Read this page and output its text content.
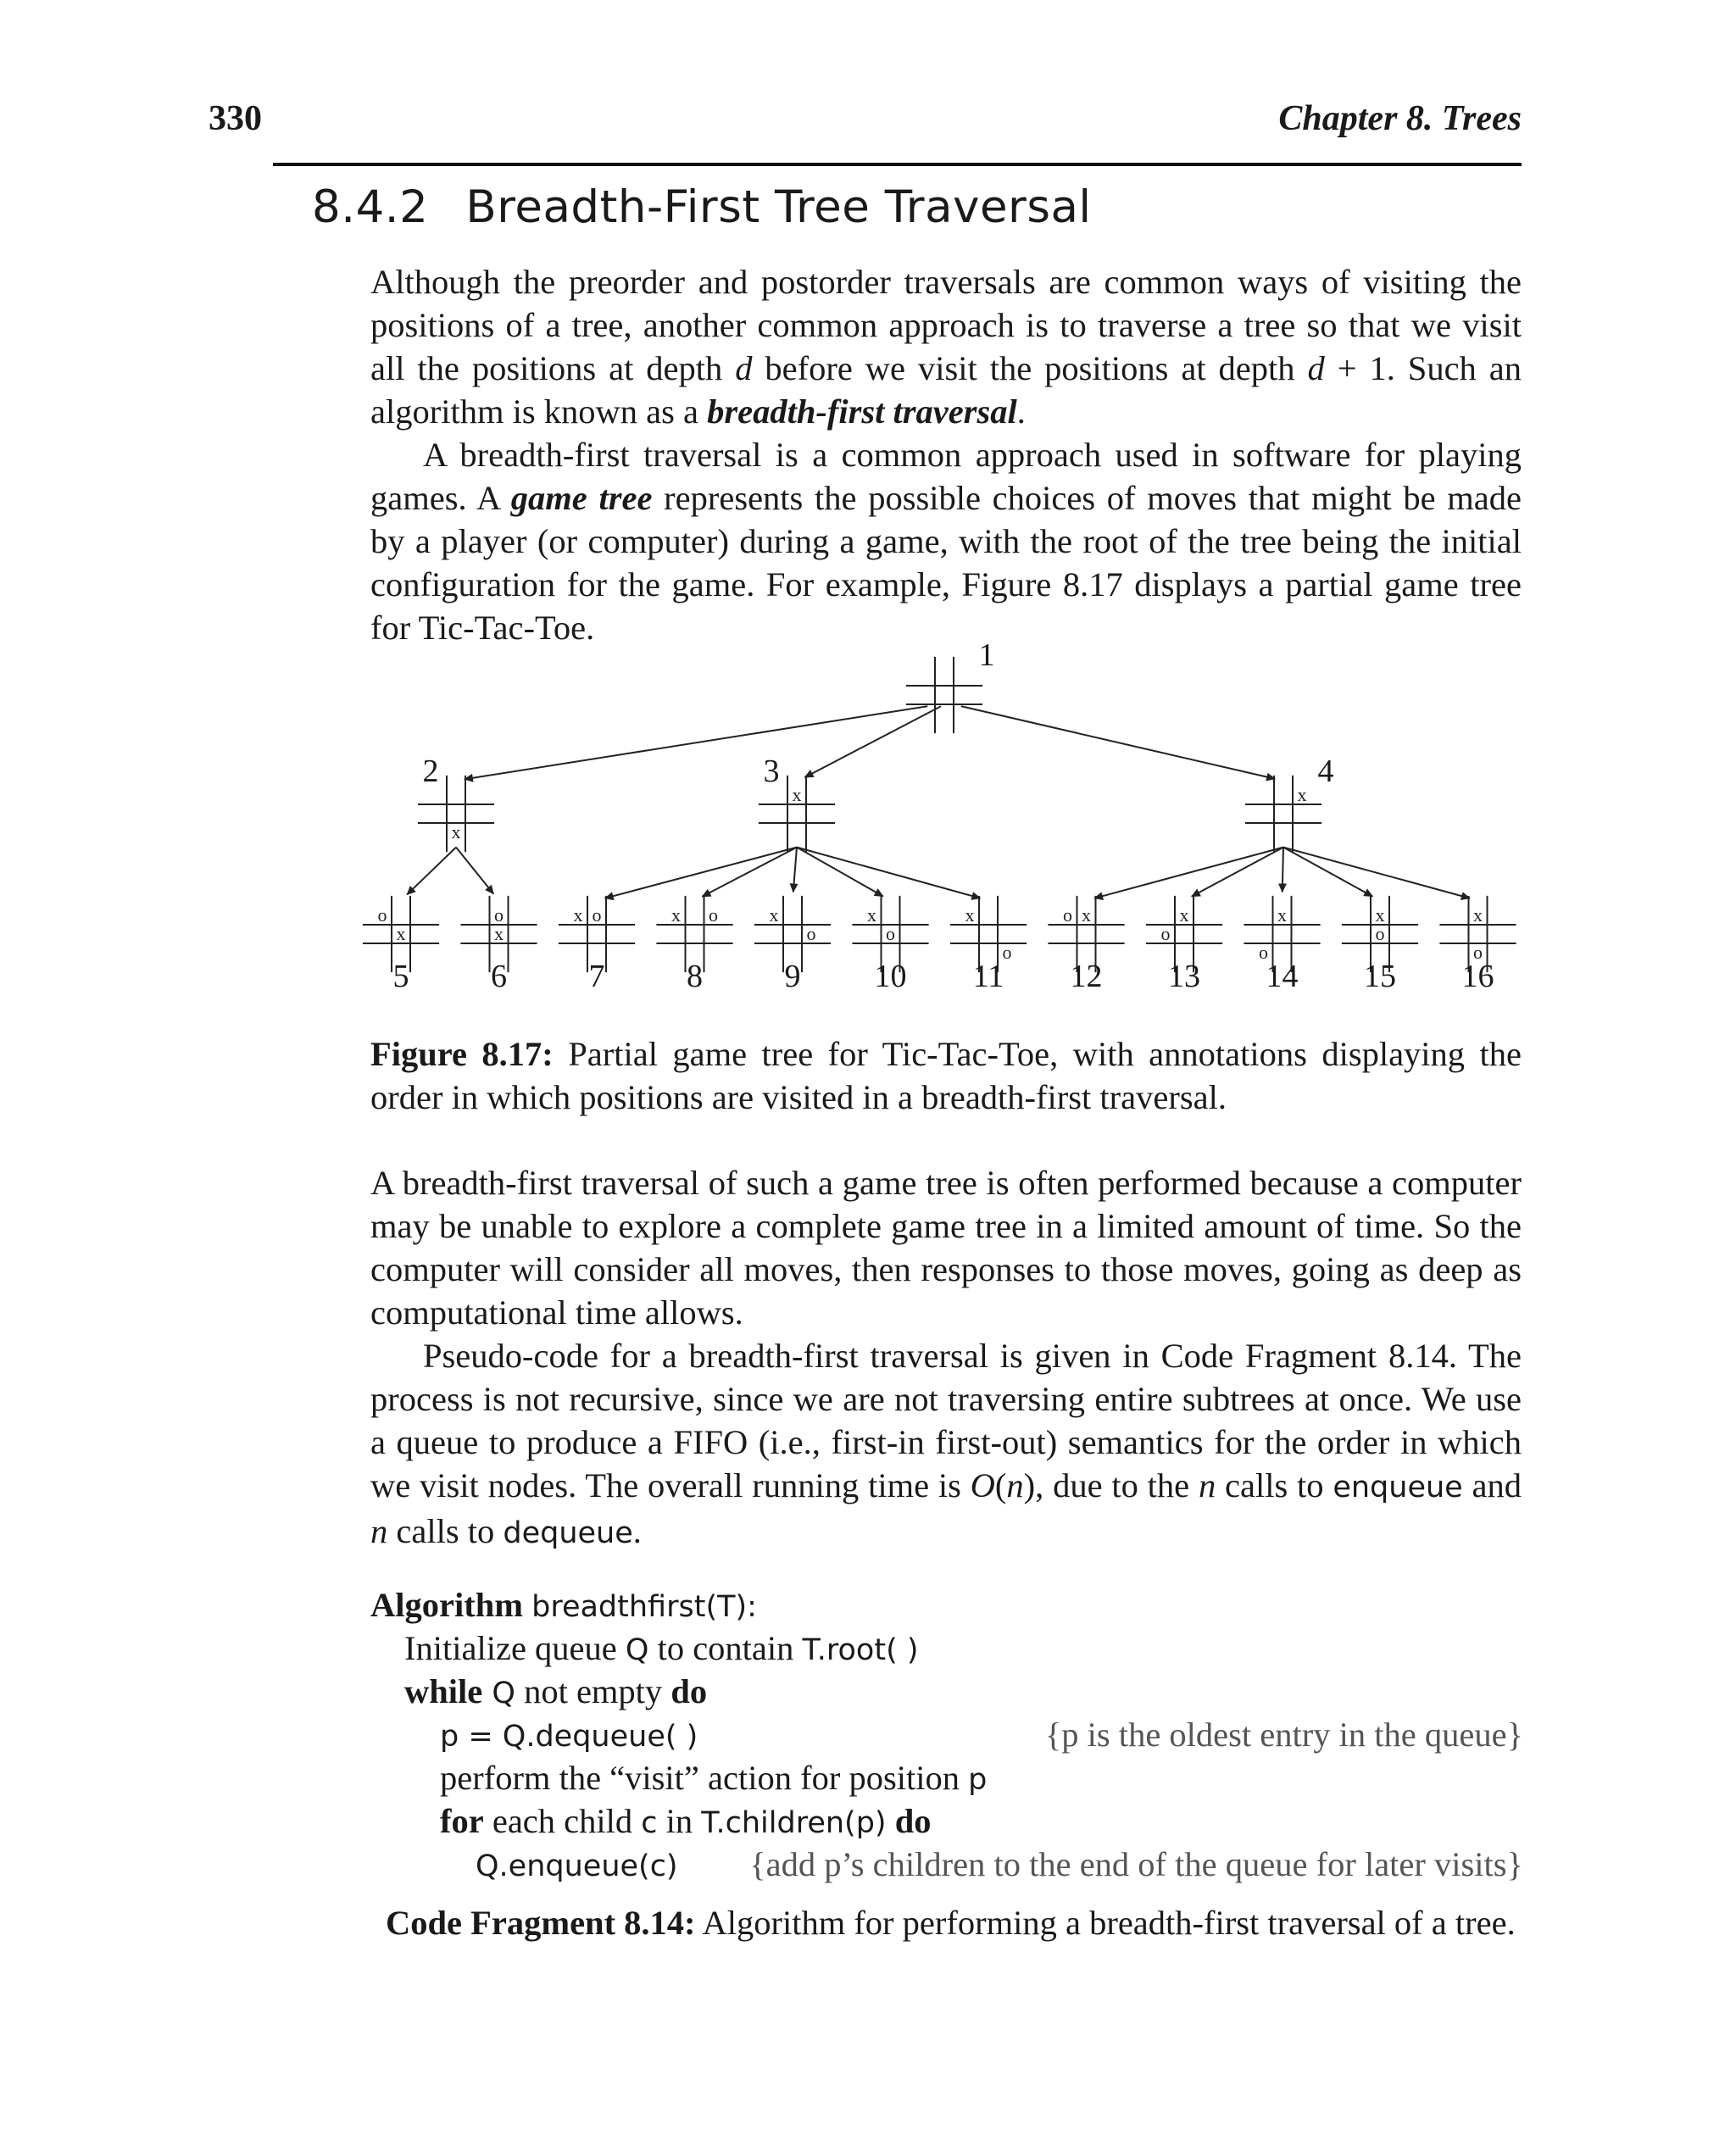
330	Chapter 8. Trees
8.4.2 Breadth-First Tree Traversal

Although the preorder and postorder traversals are common ways of visiting the positions of a tree, another common approach is to traverse a tree so that we visit all the positions at depth d before we visit the positions at depth d + 1. Such an algorithm is known as a breadth-first traversal.

A breadth-first traversal is a common approach used in software for playing games. A game tree represents the possible choices of moves that might be made by a player (or computer) during a game, with the root of the tree being the initial configuration for the game. For example, Figure 8.17 displays a partial game tree for Tic-Tac-Toe.

1
x
2
x
3
x
4
o
x
5
o
x
6
x o
7
x o
8
x
o
9
x
o
10
x
o
11
o x
12
x
o
13
x
o
14
x
o
15
x
o
16
Figure 8.17: Partial game tree for Tic-Tac-Toe, with annotations displaying the order in which positions are visited in a breadth-first traversal.

A breadth-first traversal of such a game tree is often performed because a computer may be unable to explore a complete game tree in a limited amount of time. So the computer will consider all moves, then responses to those moves, going as deep as computational time allows.

Pseudo-code for a breadth-first traversal is given in Code Fragment 8.14. The process is not recursive, since we are not traversing entire subtrees at once. We use a queue to produce a FIFO (i.e., first-in first-out) semantics for the order in which we visit nodes. The overall running time is O(n), due to the n calls to enqueue and n calls to dequeue.

Algorithm breadthfirst(T):
Initialize queue Q to contain T.root( )
while Q not empty do
p = Q.dequeue( )	{p is the oldest entry in the queue}
perform the “visit” action for position p
for each child c in T.children(p) do
Q.enqueue(c) {add p’s children to the end of the queue for later visits}
Code Fragment 8.14: Algorithm for performing a breadth-first traversal of a tree.
